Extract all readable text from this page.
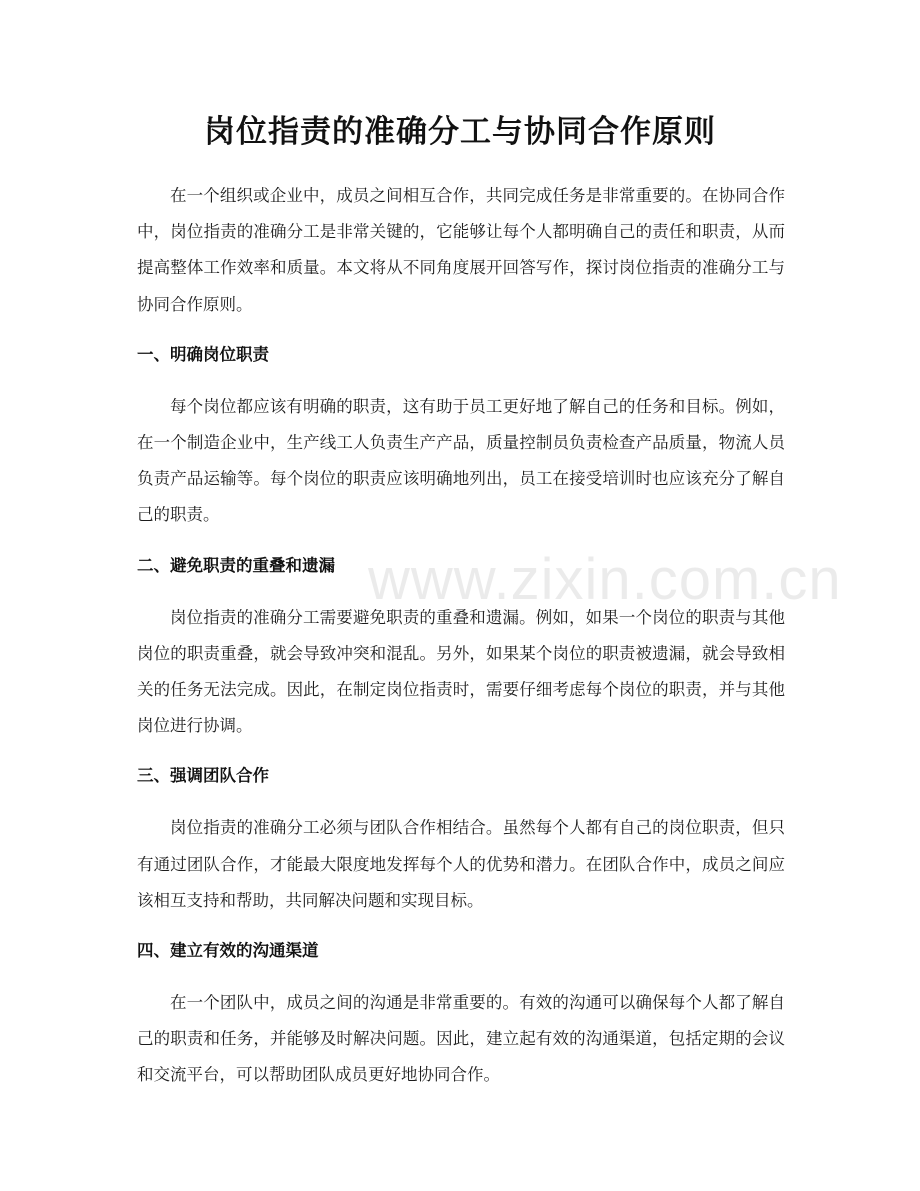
岗位指责的准确分工与协同合作原则

在一个组织或企业中，成员之间相互合作，共同完成任务是非常重要的。在协同合作中，岗位指责的准确分工是非常关键的，它能够让每个人都明确自己的责任和职责，从而提高整体工作效率和质量。本文将从不同角度展开回答写作，探讨岗位指责的准确分工与协同合作原则。

一、明确岗位职责

每个岗位都应该有明确的职责，这有助于员工更好地了解自己的任务和目标。例如，在一个制造企业中，生产线工人负责生产产品，质量控制员负责检查产品质量，物流人员负责产品运输等。每个岗位的职责应该明确地列出，员工在接受培训时也应该充分了解自己的职责。

二、避免职责的重叠和遗漏

岗位指责的准确分工需要避免职责的重叠和遗漏。例如，如果一个岗位的职责与其他岗位的职责重叠，就会导致冲突和混乱。另外，如果某个岗位的职责被遗漏，就会导致相关的任务无法完成。因此，在制定岗位指责时，需要仔细考虑每个岗位的职责，并与其他岗位进行协调。

三、强调团队合作

岗位指责的准确分工必须与团队合作相结合。虽然每个人都有自己的岗位职责，但只有通过团队合作，才能最大限度地发挥每个人的优势和潜力。在团队合作中，成员之间应该相互支持和帮助，共同解决问题和实现目标。

四、建立有效的沟通渠道

在一个团队中，成员之间的沟通是非常重要的。有效的沟通可以确保每个人都了解自己的职责和任务，并能够及时解决问题。因此，建立起有效的沟通渠道，包括定期的会议和交流平台，可以帮助团队成员更好地协同合作。

www.zixin.com.cn
